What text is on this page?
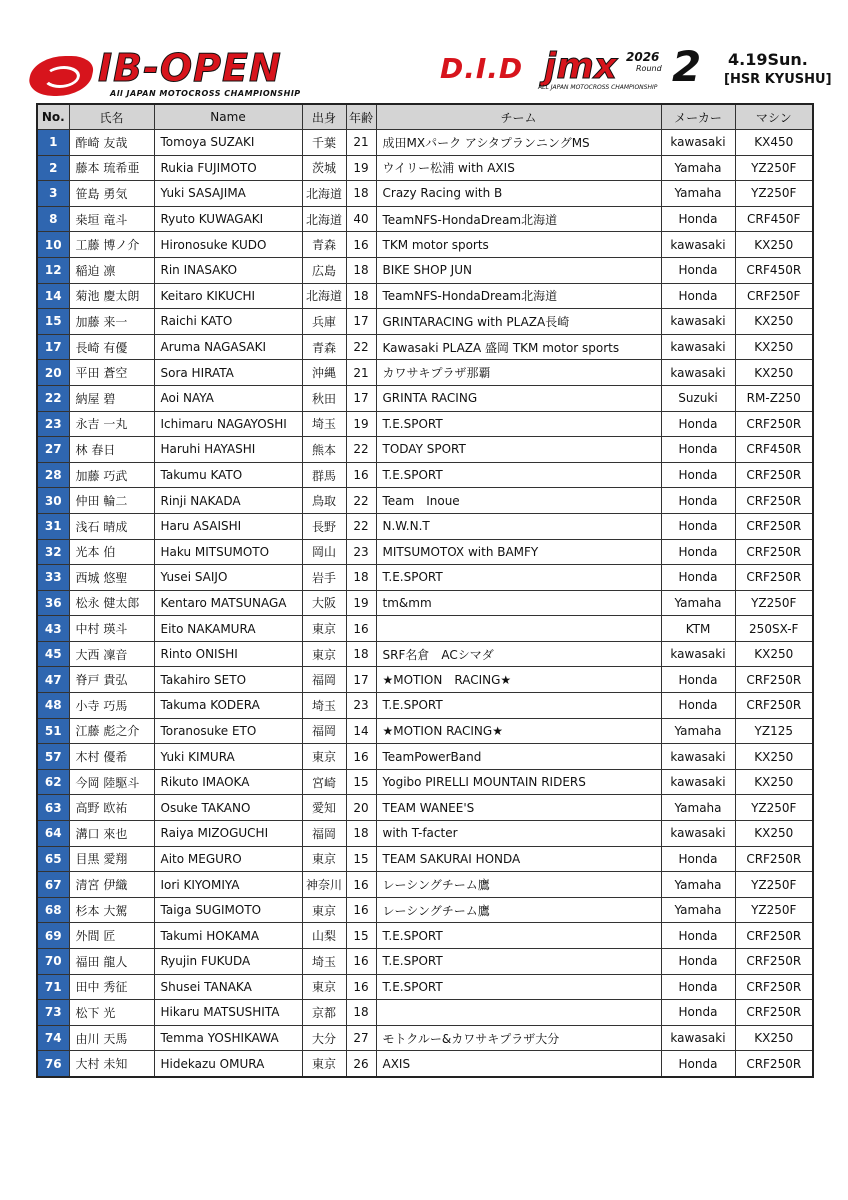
IB-OPEN
All JAPAN MOTOCROSS CHAMPIONSHIP
D.I.D jmx 2026
Round 2
ALL JAPAN MOTOCROSS CHAMPIONSHIP
4.19Sun.
[HSR KYUSHU]
No.	氏名	Name	出身	年齢	チーム	メーカー	マシン
1	酢崎 友哉	Tomoya SUZAKI	千葉	21	成田MXパーク アシタプランニングMS	kawasaki	KX450
2	藤本 琉希亜	Rukia FUJIMOTO	茨城	19	ウイリー松浦 with AXIS	Yamaha	YZ250F
3	笹島 勇気	Yuki SASAJIMA	北海道	18	Crazy Racing with B	Yamaha	YZ250F
8	桒垣 竜斗	Ryuto KUWAGAKI	北海道	40	TeamNFS-HondaDream北海道	Honda	CRF450F
10	工藤 博ノ介	Hironosuke KUDO	青森	16	TKM motor sports	kawasaki	KX250
12	稲迫 凛	Rin INASAKO	広島	18	BIKE SHOP JUN	Honda	CRF450R
14	菊池 慶太朗	Keitaro KIKUCHI	北海道	18	TeamNFS-HondaDream北海道	Honda	CRF250F
15	加藤 来一	Raichi KATO	兵庫	17	GRINTARACING with PLAZA長崎	kawasaki	KX250
17	長崎 有優	Aruma NAGASAKI	青森	22	Kawasaki PLAZA 盛岡 TKM motor sports	kawasaki	KX250
20	平田 蒼空	Sora HIRATA	沖縄	21	カワサキプラザ那覇	kawasaki	KX250
22	納屋 碧	Aoi NAYA	秋田	17	GRINTA RACING	Suzuki	RM-Z250
23	永吉 一丸	Ichimaru NAGAYOSHI	埼玉	19	T.E.SPORT	Honda	CRF250R
27	林 春日	Haruhi HAYASHI	熊本	22	TODAY SPORT	Honda	CRF450R
28	加藤 巧武	Takumu KATO	群馬	16	T.E.SPORT	Honda	CRF250R
30	仲田 輪二	Rinji NAKADA	鳥取	22	Team　Inoue	Honda	CRF250R
31	浅石 晴成	Haru ASAISHI	長野	22	N.W.N.T	Honda	CRF250R
32	光本 伯	Haku MITSUMOTO	岡山	23	MITSUMOTOX with BAMFY	Honda	CRF250R
33	西城 悠聖	Yusei SAIJO	岩手	18	T.E.SPORT	Honda	CRF250R
36	松永 健太郎	Kentaro MATSUNAGA	大阪	19	tm&mm	Yamaha	YZ250F
43	中村 瑛斗	Eito NAKAMURA	東京	16		KTM	250SX-F
45	大西 凜音	Rinto ONISHI	東京	18	SRF名倉　ACシマダ	kawasaki	KX250
47	脊戸 貴弘	Takahiro SETO	福岡	17	★MOTION　RACING★	Honda	CRF250R
48	小寺 巧馬	Takuma KODERA	埼玉	23	T.E.SPORT	Honda	CRF250R
51	江藤 彪之介	Toranosuke ETO	福岡	14	★MOTION RACING★	Yamaha	YZ125
57	木村 優希	Yuki KIMURA	東京	16	TeamPowerBand	kawasaki	KX250
62	今岡 陸駆斗	Rikuto IMAOKA	宮崎	15	Yogibo PIRELLI MOUNTAIN RIDERS	kawasaki	KX250
63	高野 欧祐	Osuke TAKANO	愛知	20	TEAM WANEE'S	Yamaha	YZ250F
64	溝口 來也	Raiya MIZOGUCHI	福岡	18	with T-facter	kawasaki	KX250
65	目黒 愛翔	Aito MEGURO	東京	15	TEAM SAKURAI HONDA	Honda	CRF250R
67	清宮 伊織	Iori KIYOMIYA	神奈川	16	レーシングチーム鷹	Yamaha	YZ250F
68	杉本 大駕	Taiga SUGIMOTO	東京	16	レーシングチーム鷹	Yamaha	YZ250F
69	外間 匠	Takumi HOKAMA	山梨	15	T.E.SPORT	Honda	CRF250R
70	福田 龍人	Ryujin FUKUDA	埼玉	16	T.E.SPORT	Honda	CRF250R
71	田中 秀征	Shusei TANAKA	東京	16	T.E.SPORT	Honda	CRF250R
73	松下 光	Hikaru MATSUSHITA	京都	18		Honda	CRF250R
74	由川 天馬	Temma YOSHIKAWA	大分	27	モトクルー&カワサキプラザ大分	kawasaki	KX250
76	大村 未知	Hidekazu OMURA	東京	26	AXIS	Honda	CRF250R
